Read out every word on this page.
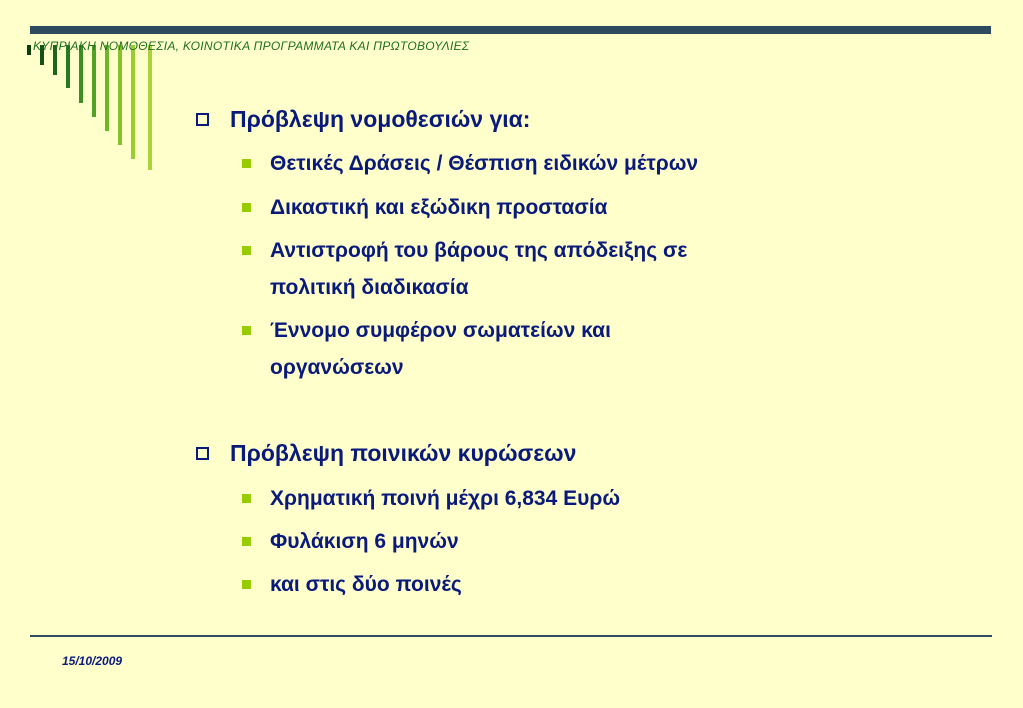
ΚΥΠΡΙΑΚΗ ΝΟΜΟΘΕΣΙΑ, ΚΟΙΝΟΤΙΚΑ ΠΡΟΓΡΑΜΜΑΤΑ ΚΑΙ ΠΡΩΤΟΒΟΥΛΙΕΣ
Πρόβλεψη νομοθεσιών για:
Θετικές Δράσεις / Θέσπιση ειδικών μέτρων
Δικαστική και εξώδικη προστασία
Αντιστροφή του βάρους της απόδειξης σε
πολιτική διαδικασία
Έννομο συμφέρον σωματείων και
οργανώσεων
Πρόβλεψη ποινικών κυρώσεων
Χρηματική ποινή μέχρι 6,834 Ευρώ
Φυλάκιση 6 μηνών
και στις δύο ποινές
15/10/2009
